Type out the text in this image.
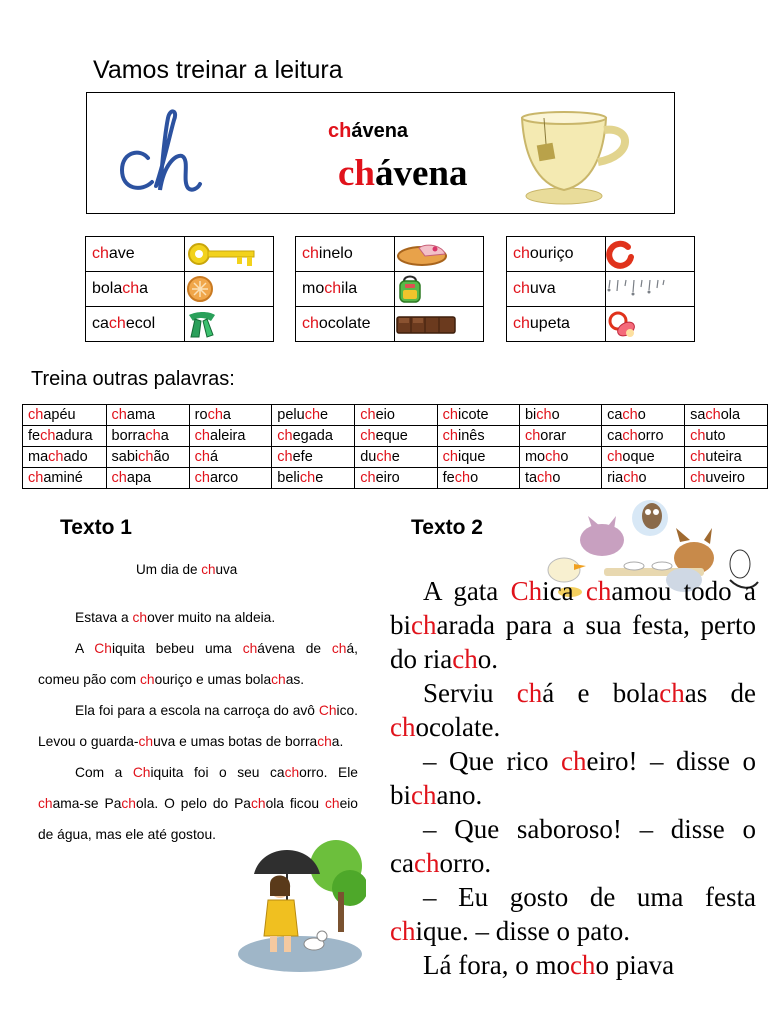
Vamos treinar a leitura
chávena
chávena
chave	

bolacha	

cachecol	
chinelo	

mochila	

chocolate	
chouriço	

chuva	

chupeta	
Treina outras palavras:
chapéu	chama	rocha	peluche	cheio	chicote	bicho	cacho	sachola
fechadura	borracha	chaleira	chegada	cheque	chinês	chorar	cachorro	chuto
machado	sabichão	chá	chefe	duche	chique	mocho	choque	chuteira
chaminé	chapa	charco	beliche	cheiro	fecho	tacho	riacho	chuveiro
Texto 1	Texto 2
Um dia de chuva

Estava a chover muito na aldeia.

A Chiquita bebeu uma chávena de chá, comeu pão com chouriço e umas bolachas.

Ela foi para a escola na carroça do avô Chico. Levou o guarda-chuva e umas botas de borracha.

Com a Chiquita foi o seu cachorro. Ele chama-se Pachola. O pelo do Pachola ficou cheio de água, mas ele até gostou.

A gata Chica chamou todo a bicharada para a sua festa, perto do riacho.

Serviu chá e bolachas de chocolate.

– Que rico cheiro! – disse o bichano.

– Que saboroso! – disse o cachorro.

– Eu gosto de uma festa chique. – disse o pato.

Lá fora, o mocho piava
